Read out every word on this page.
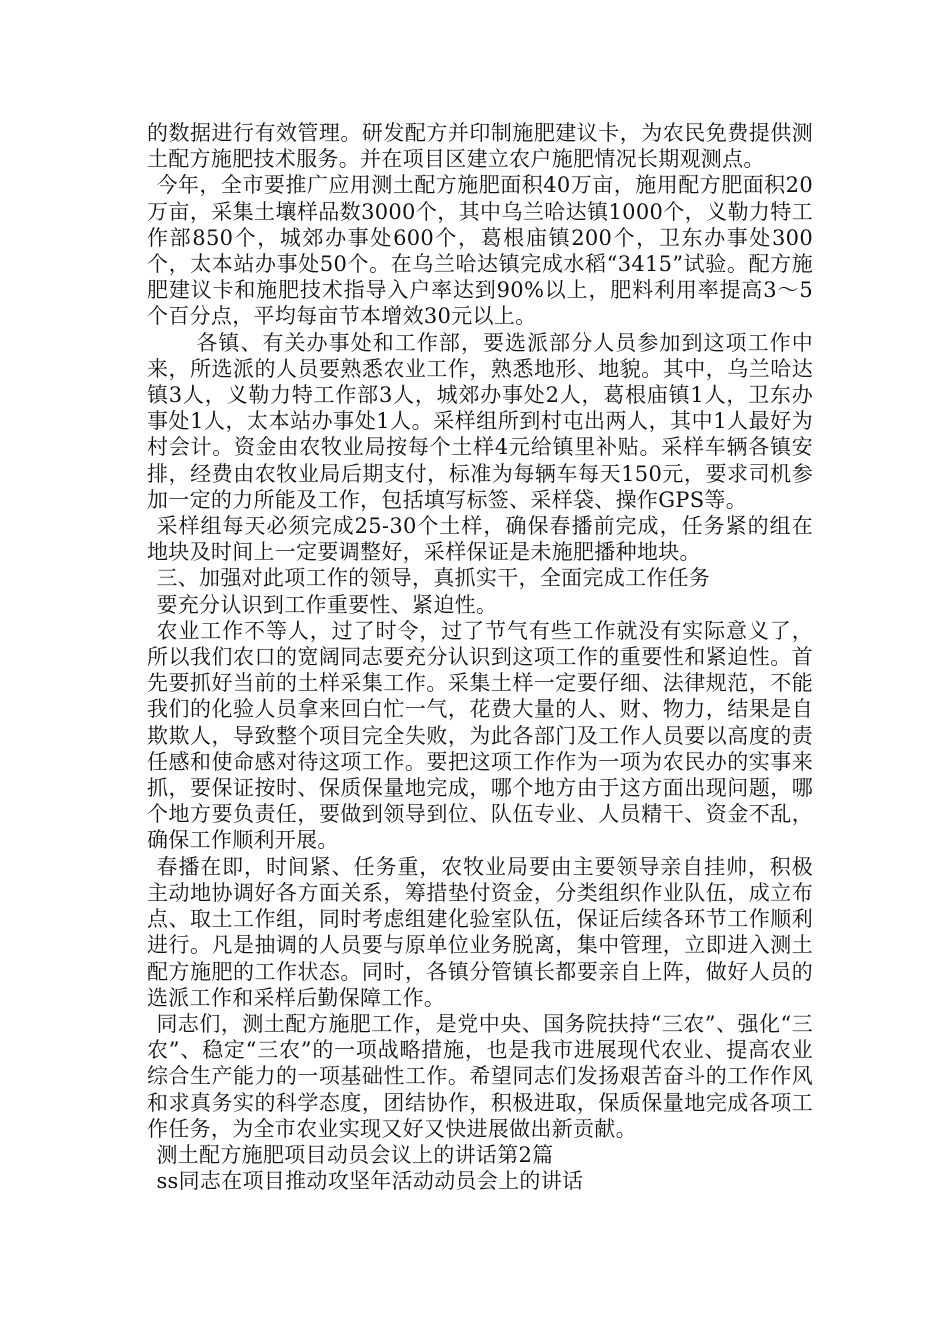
的数据进行有效管理。研发配方并印制施肥建议卡，为农民免费提供测土配方施肥技术服务。并在项目区建立农户施肥情况长期观测点。

今年，全市要推广应用测土配方施肥面积40万亩，施用配方肥面积20万亩，采集土壤样品数3000个，其中乌兰哈达镇1000个，义勒力特工作部850个，城郊办事处600个，葛根庙镇200个，卫东办事处300个，太本站办事处50个。在乌兰哈达镇完成水稻“3415”试验。配方施肥建议卡和施肥技术指导入户率达到90%以上，肥料利用率提高3～5个百分点，平均每亩节本增效30元以上。

各镇、有关办事处和工作部，要选派部分人员参加到这项工作中来，所选派的人员要熟悉农业工作，熟悉地形、地貌。其中，乌兰哈达镇3人，义勒力特工作部3人，城郊办事处2人，葛根庙镇1人，卫东办事处1人，太本站办事处1人。采样组所到村屯出两人，其中1人最好为村会计。资金由农牧业局按每个土样4元给镇里补贴。采样车辆各镇安排，经费由农牧业局后期支付，标准为每辆车每天150元，要求司机参加一定的力所能及工作，包括填写标签、采样袋、操作GPS等。

采样组每天必须完成25-30个土样，确保春播前完成，任务紧的组在地块及时间上一定要调整好，采样保证是未施肥播种地块。

三、加强对此项工作的领导，真抓实干，全面完成工作任务

要充分认识到工作重要性、紧迫性。

农业工作不等人，过了时令，过了节气有些工作就没有实际意义了，所以我们农口的宽阔同志要充分认识到这项工作的重要性和紧迫性。首先要抓好当前的土样采集工作。采集土样一定要仔细、法律规范，不能我们的化验人员拿来回白忙一气，花费大量的人、财、物力，结果是自欺欺人，导致整个项目完全失败，为此各部门及工作人员要以高度的责任感和使命感对待这项工作。要把这项工作作为一项为农民办的实事来抓，要保证按时、保质保量地完成，哪个地方由于这方面出现问题，哪个地方要负责任，要做到领导到位、队伍专业、人员精干、资金不乱，确保工作顺利开展。

春播在即，时间紧、任务重，农牧业局要由主要领导亲自挂帅，积极主动地协调好各方面关系，筹措垫付资金，分类组织作业队伍，成立布点、取土工作组，同时考虑组建化验室队伍，保证后续各环节工作顺利进行。凡是抽调的人员要与原单位业务脱离，集中管理，立即进入测土配方施肥的工作状态。同时，各镇分管镇长都要亲自上阵，做好人员的选派工作和采样后勤保障工作。

同志们，测土配方施肥工作，是党中央、国务院扶持“三农”、强化“三农”、稳定“三农”的一项战略措施，也是我市进展现代农业、提高农业综合生产能力的一项基础性工作。希望同志们发扬艰苦奋斗的工作作风和求真务实的科学态度，团结协作，积极进取，保质保量地完成各项工作任务，为全市农业实现又好又快进展做出新贡献。

测土配方施肥项目动员会议上的讲话第2篇

ss同志在项目推动攻坚年活动动员会上的讲话
